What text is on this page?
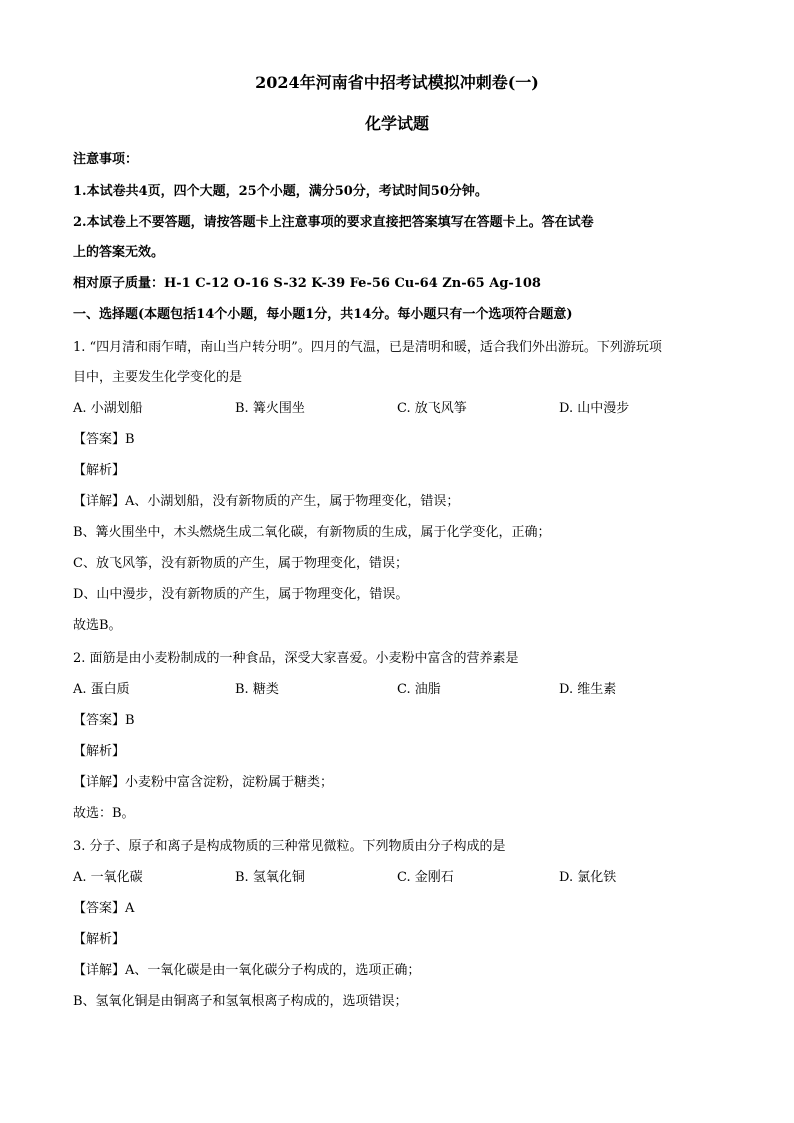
2024年河南省中招考试模拟冲刺卷(一)
化学试题
注意事项：
1.本试卷共4页，四个大题，25个小题，满分50分，考试时间50分钟。
2.本试卷上不要答题，请按答题卡上注意事项的要求直接把答案填写在答题卡上。答在试卷
上的答案无效。
相对原子质量：H-1 C-12 O-16 S-32 K-39 Fe-56 Cu-64 Zn-65 Ag-108
一、选择题(本题包括14个小题，每小题1分，共14分。每小题只有一个选项符合题意)
1. “四月清和雨乍晴，南山当户转分明”。四月的气温，已是清明和暖，适合我们外出游玩。下列游玩项
目中，主要发生化学变化的是
A. 小湖划船	B. 篝火围坐	C. 放飞风筝	D. 山中漫步
【答案】B
【解析】
【详解】A、小湖划船，没有新物质的产生，属于物理变化，错误；
B、篝火围坐中，木头燃烧生成二氧化碳，有新物质的生成，属于化学变化，正确；
C、放飞风筝，没有新物质的产生，属于物理变化，错误；
D、山中漫步，没有新物质的产生，属于物理变化，错误。
故选B。
2. 面筋是由小麦粉制成的一种食品，深受大家喜爱。小麦粉中富含的营养素是
A. 蛋白质	B. 糖类	C. 油脂	D. 维生素
【答案】B
【解析】
【详解】小麦粉中富含淀粉，淀粉属于糖类；
故选：B。
3. 分子、原子和离子是构成物质的三种常见微粒。下列物质由分子构成的是
A. 一氧化碳	B. 氢氧化铜	C. 金刚石	D. 氯化铁
【答案】A
【解析】
【详解】A、一氧化碳是由一氧化碳分子构成的，选项正确；
B、氢氧化铜是由铜离子和氢氧根离子构成的，选项错误；
